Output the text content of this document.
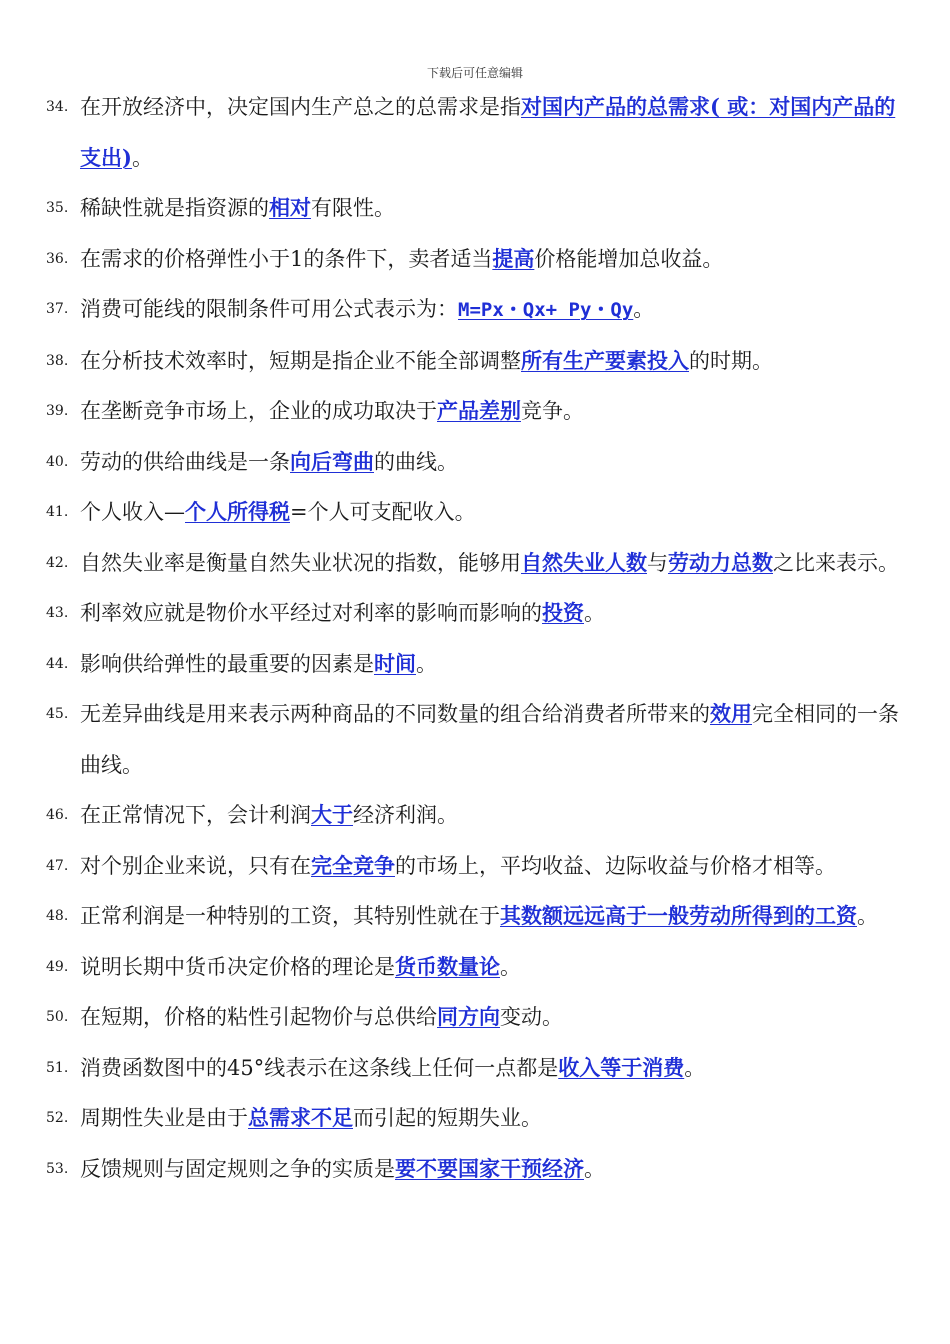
下载后可任意编辑
34. 在开放经济中，决定国内生产总之的总需求是指对国内产品的总需求( 或：对国内产品的支出)。
35. 稀缺性就是指资源的相对有限性。
36. 在需求的价格弹性小于1的条件下，卖者适当提高价格能增加总收益。
37. 消费可能线的限制条件可用公式表示为：M=Px・Qx+ Py・Qy。
38. 在分析技术效率时，短期是指企业不能全部调整所有生产要素投入的时期。
39. 在垄断竞争市场上，企业的成功取决于产品差别竞争。
40. 劳动的供给曲线是一条向后弯曲的曲线。
41. 个人收入—个人所得税=个人可支配收入。
42. 自然失业率是衡量自然失业状况的指数，能够用自然失业人数与劳动力总数之比来表示。
43. 利率效应就是物价水平经过对利率的影响而影响的投资。
44. 影响供给弹性的最重要的因素是时间。
45. 无差异曲线是用来表示两种商品的不同数量的组合给消费者所带来的效用完全相同的一条曲线。
46. 在正常情况下，会计利润大于经济利润。
47. 对个别企业来说，只有在完全竞争的市场上，平均收益、边际收益与价格才相等。
48. 正常利润是一种特别的工资，其特别性就在于其数额远远高于一般劳动所得到的工资。
49. 说明长期中货币决定价格的理论是货币数量论。
50. 在短期，价格的粘性引起物价与总供给同方向变动。
51. 消费函数图中的45°线表示在这条线上任何一点都是收入等于消费。
52. 周期性失业是由于总需求不足而引起的短期失业。
53. 反馈规则与固定规则之争的实质是要不要国家干预经济。
